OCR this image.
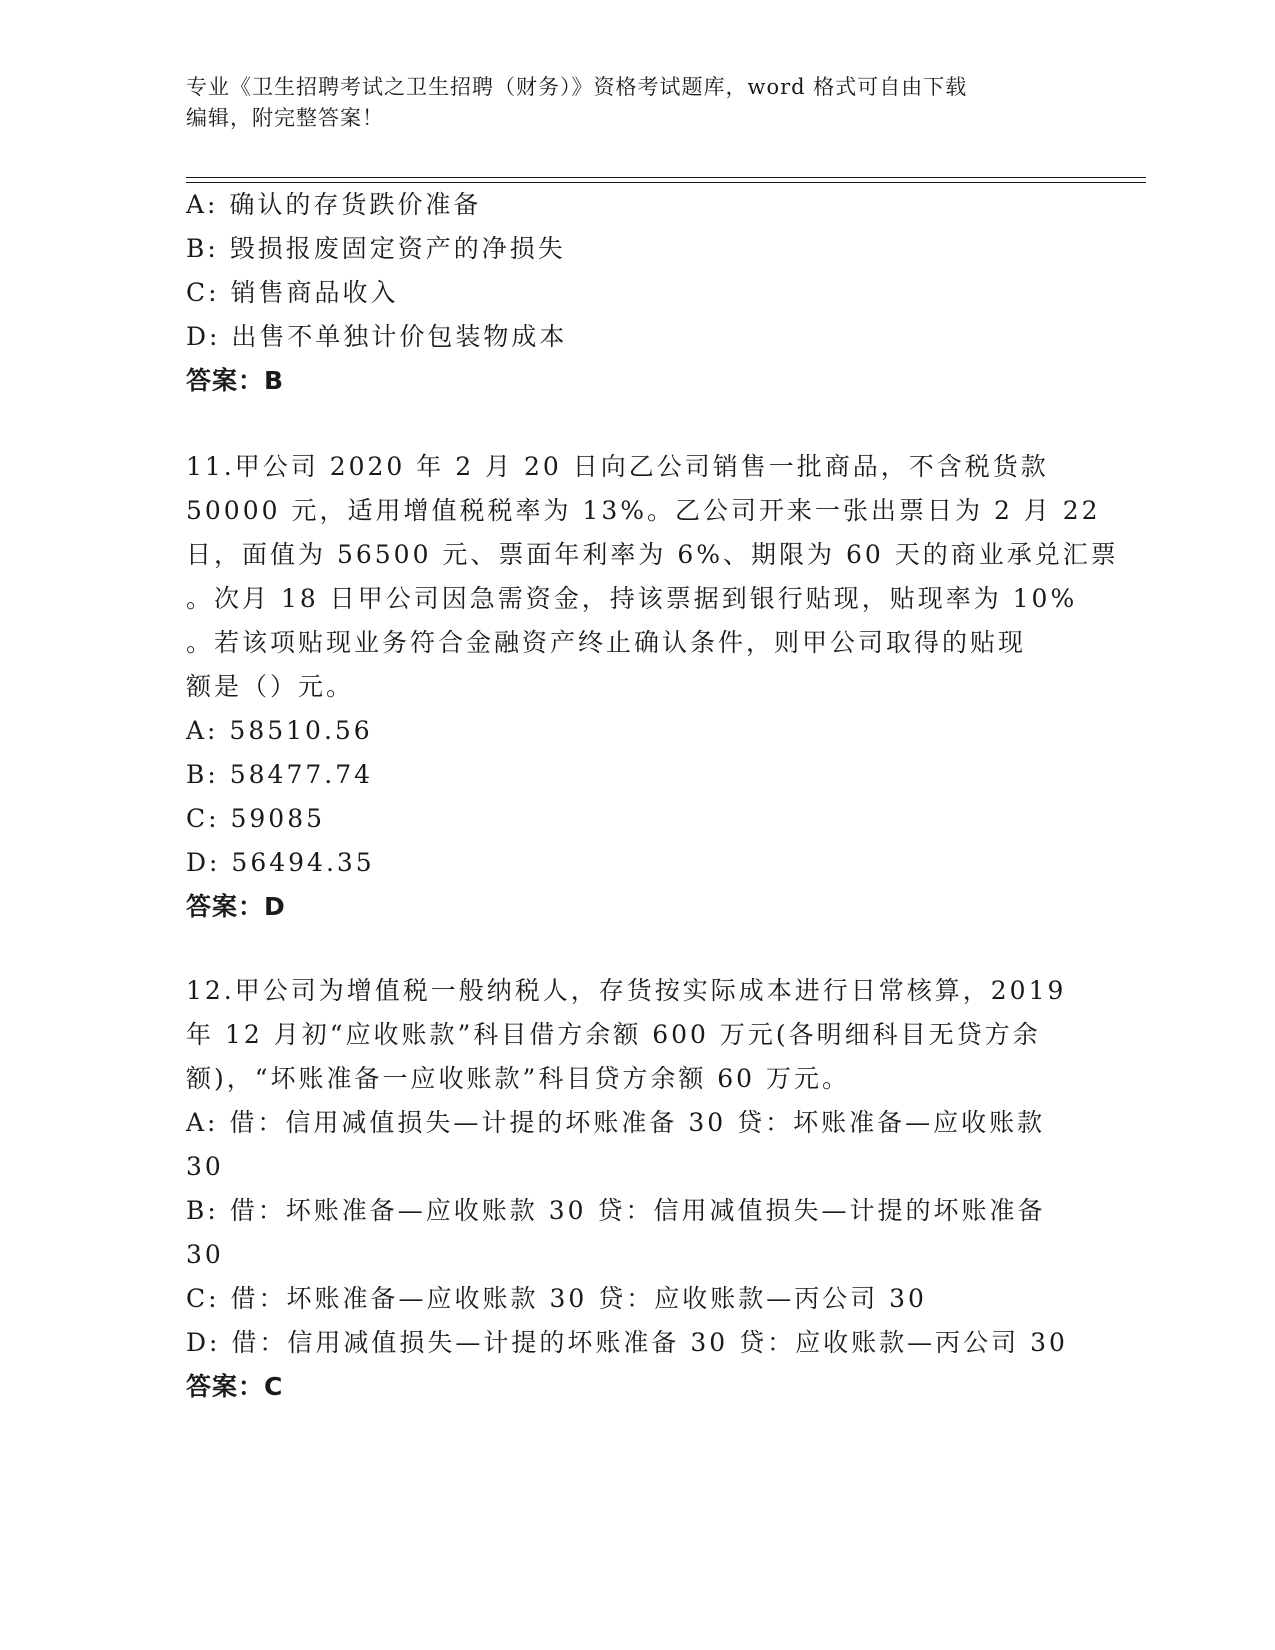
专业《卫生招聘考试之卫生招聘（财务）》资格考试题库，word 格式可自由下载
编辑，附完整答案！
A: 确认的存货跌价准备
B: 毁损报废固定资产的净损失
C: 销售商品收入
D: 出售不单独计价包装物成本
答案：B
11.甲公司 2020 年 2 月 20 日向乙公司销售一批商品，不含税货款
50000 元，适用增值税税率为 13%。乙公司开来一张出票日为 2 月 22
日，面值为 56500 元、票面年利率为 6%、期限为 60 天的商业承兑汇票
。次月 18 日甲公司因急需资金，持该票据到银行贴现，贴现率为 10%
。若该项贴现业务符合金融资产终止确认条件，则甲公司取得的贴现
额是（）元。
A: 58510.56
B: 58477.74
C: 59085
D: 56494.35
答案：D
12.甲公司为增值税一般纳税人，存货按实际成本进行日常核算，2019
年 12 月初“应收账款”科目借方余额 600 万元(各明细科目无贷方余
额)，“坏账准备一应收账款”科目贷方余额 60 万元。
A: 借：信用减值损失—计提的坏账准备 30 贷：坏账准备—应收账款
30
B: 借：坏账准备—应收账款 30 贷：信用减值损失—计提的坏账准备
30
C: 借：坏账准备—应收账款 30 贷：应收账款—丙公司 30
D: 借：信用减值损失—计提的坏账准备 30 贷：应收账款—丙公司 30
答案：C
